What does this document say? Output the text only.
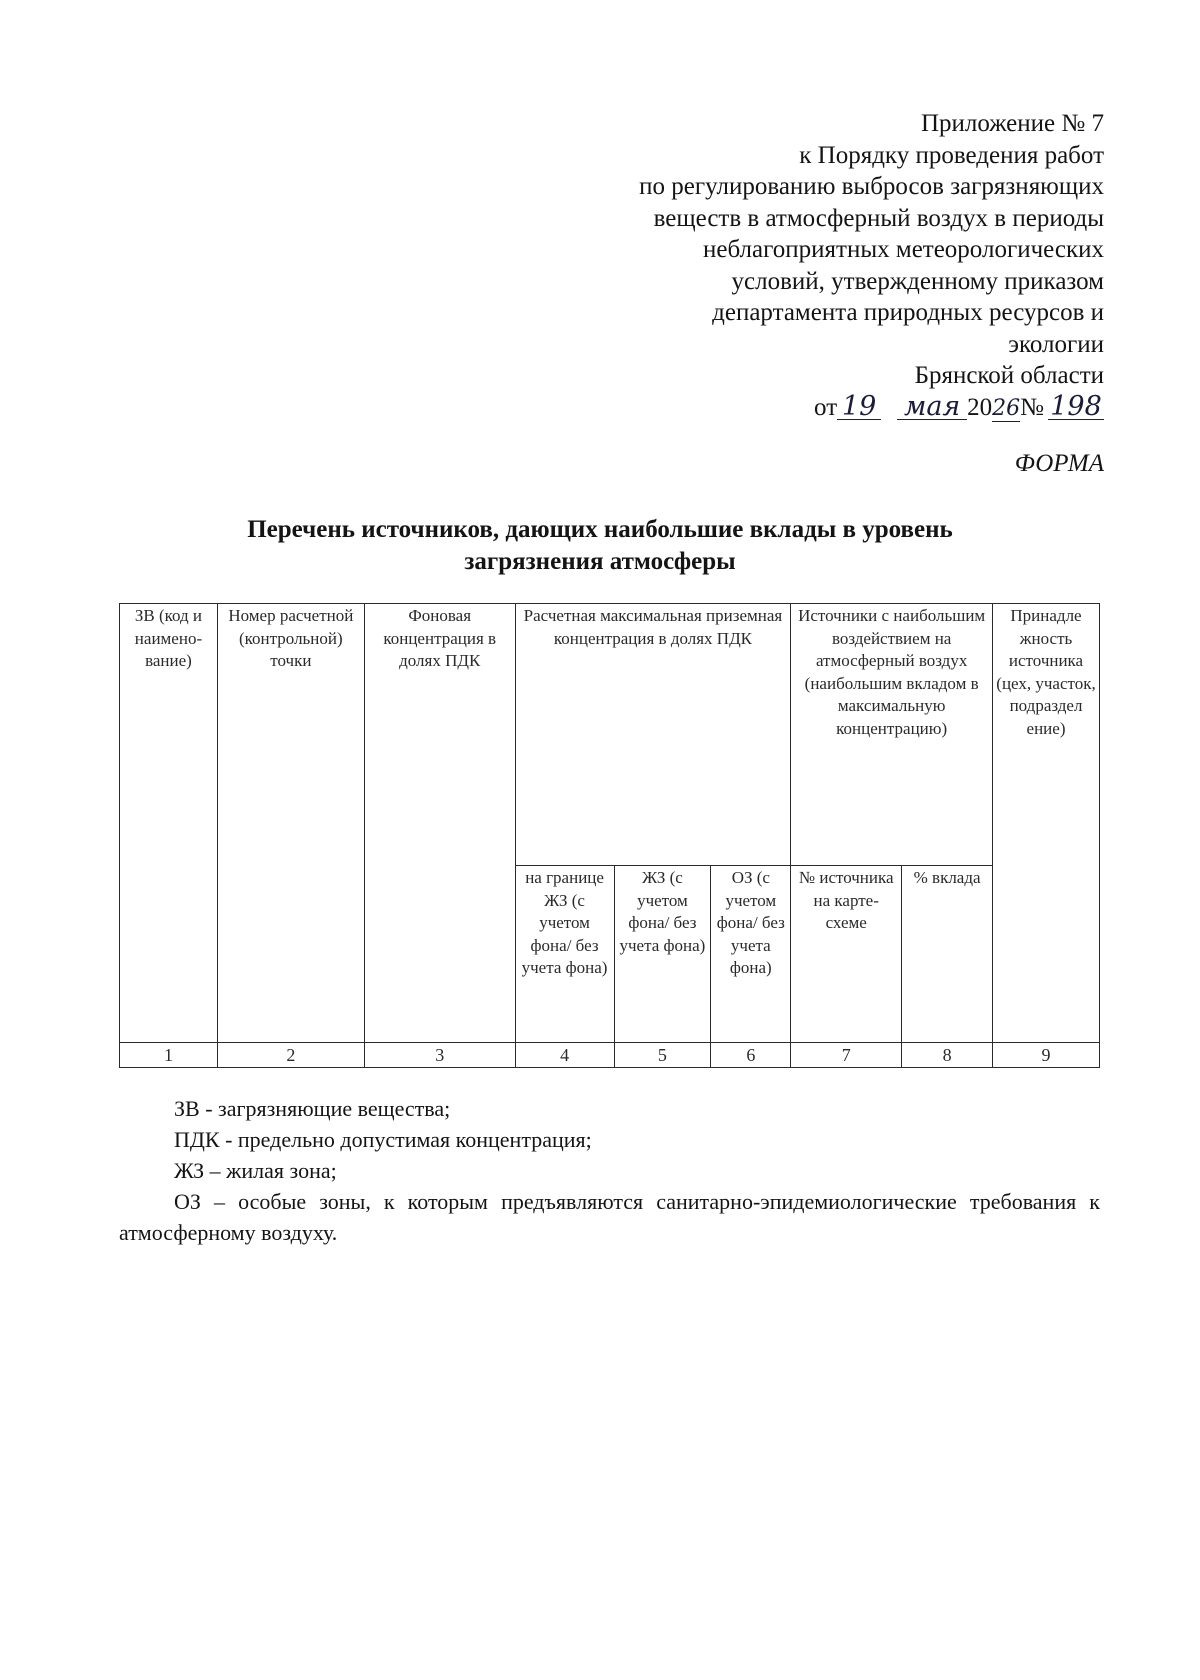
Приложение № 7
к Порядку проведения работ
по регулированию выбросов загрязняющих
веществ в атмосферный воздух в периоды
неблагоприятных метеорологических
условий, утвержденному приказом
департамента природных ресурсов и
экологии
Брянской области
от 19 мая 2026№ 198
ФОРМА
Перечень источников, дающих наибольшие вклады в уровень
загрязнения атмосферы
ЗВ (код и наимено-вание)	Номер расчетной (контрольной) точки	Фоновая концентрация в долях ПДК	Расчетная максимальная приземная концентрация в долях ПДК			Источники с наибольшим воздействием на атмосферный воздух (наибольшим вкладом в максимальную концентрацию)		Принадле жность источника (цех, участок, подраздел ение)
			на границе ЖЗ (с учетом фона/ без учета фона)	ЖЗ (с учетом фона/ без учета фона)	ОЗ (с учетом фона/ без учета фона)	№ источника на карте-схеме	% вклада	
1	2	3	4	5	6	7	8	9

ЗВ - загрязняющие вещества;

ПДК - предельно допустимая концентрация;

ЖЗ – жилая зона;

ОЗ – особые зоны, к которым предъявляются санитарно-эпидемиологические требования к атмосферному воздуху.
